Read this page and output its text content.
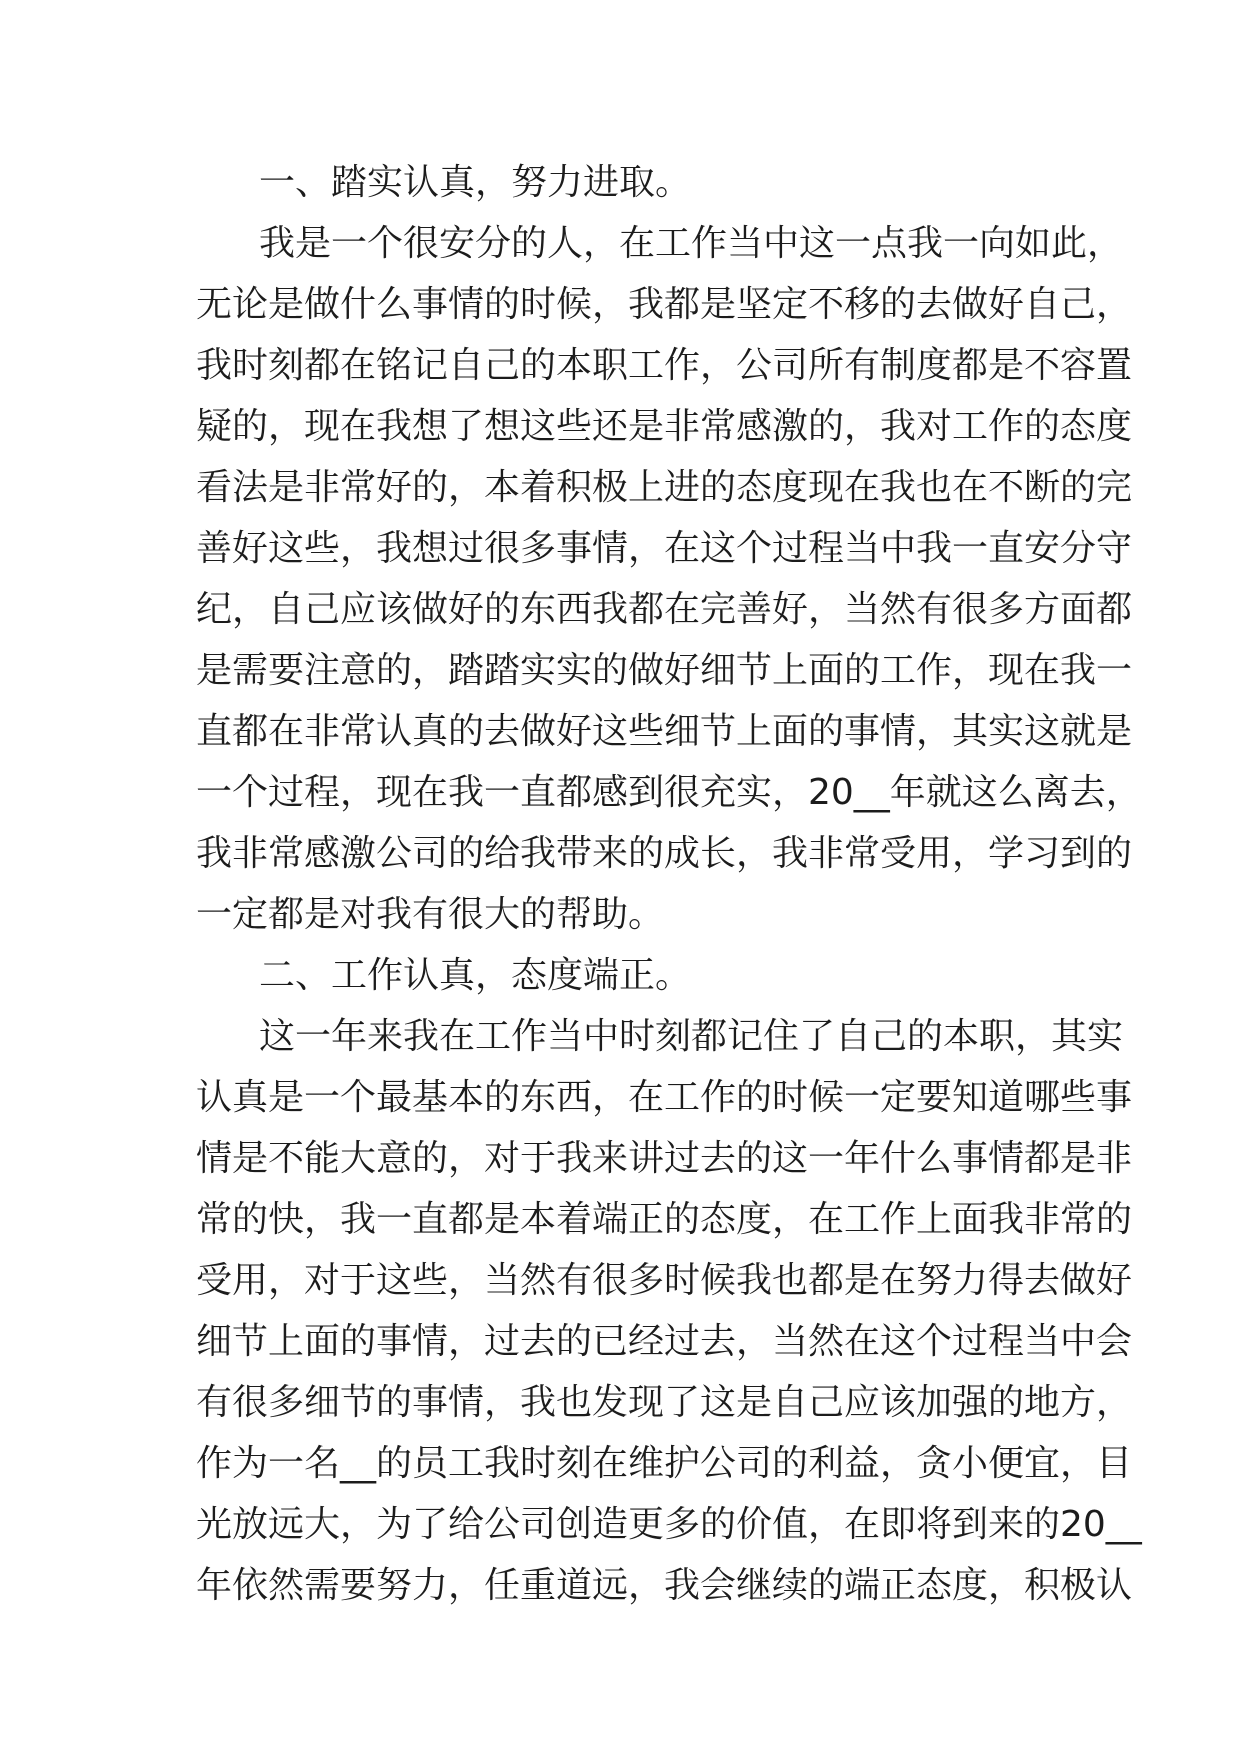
一、踏实认真，努力进取。
我是一个很安分的人，在工作当中这一点我一向如此，
无论是做什么事情的时候，我都是坚定不移的去做好自己，
我时刻都在铭记自己的本职工作，公司所有制度都是不容置
疑的，现在我想了想这些还是非常感激的，我对工作的态度
看法是非常好的，本着积极上进的态度现在我也在不断的完
善好这些，我想过很多事情，在这个过程当中我一直安分守
纪，自己应该做好的东西我都在完善好，当然有很多方面都
是需要注意的，踏踏实实的做好细节上面的工作，现在我一
直都在非常认真的去做好这些细节上面的事情，其实这就是
一个过程，现在我一直都感到很充实，20__年就这么离去，
我非常感激公司的给我带来的成长，我非常受用，学习到的
一定都是对我有很大的帮助。
二、工作认真，态度端正。
这一年来我在工作当中时刻都记住了自己的本职，其实
认真是一个最基本的东西，在工作的时候一定要知道哪些事
情是不能大意的，对于我来讲过去的这一年什么事情都是非
常的快，我一直都是本着端正的态度，在工作上面我非常的
受用，对于这些，当然有很多时候我也都是在努力得去做好
细节上面的事情，过去的已经过去，当然在这个过程当中会
有很多细节的事情，我也发现了这是自己应该加强的地方，
作为一名__的员工我时刻在维护公司的利益，贪小便宜，目
光放远大，为了给公司创造更多的价值，在即将到来的20__
年依然需要努力，任重道远，我会继续的端正态度，积极认
